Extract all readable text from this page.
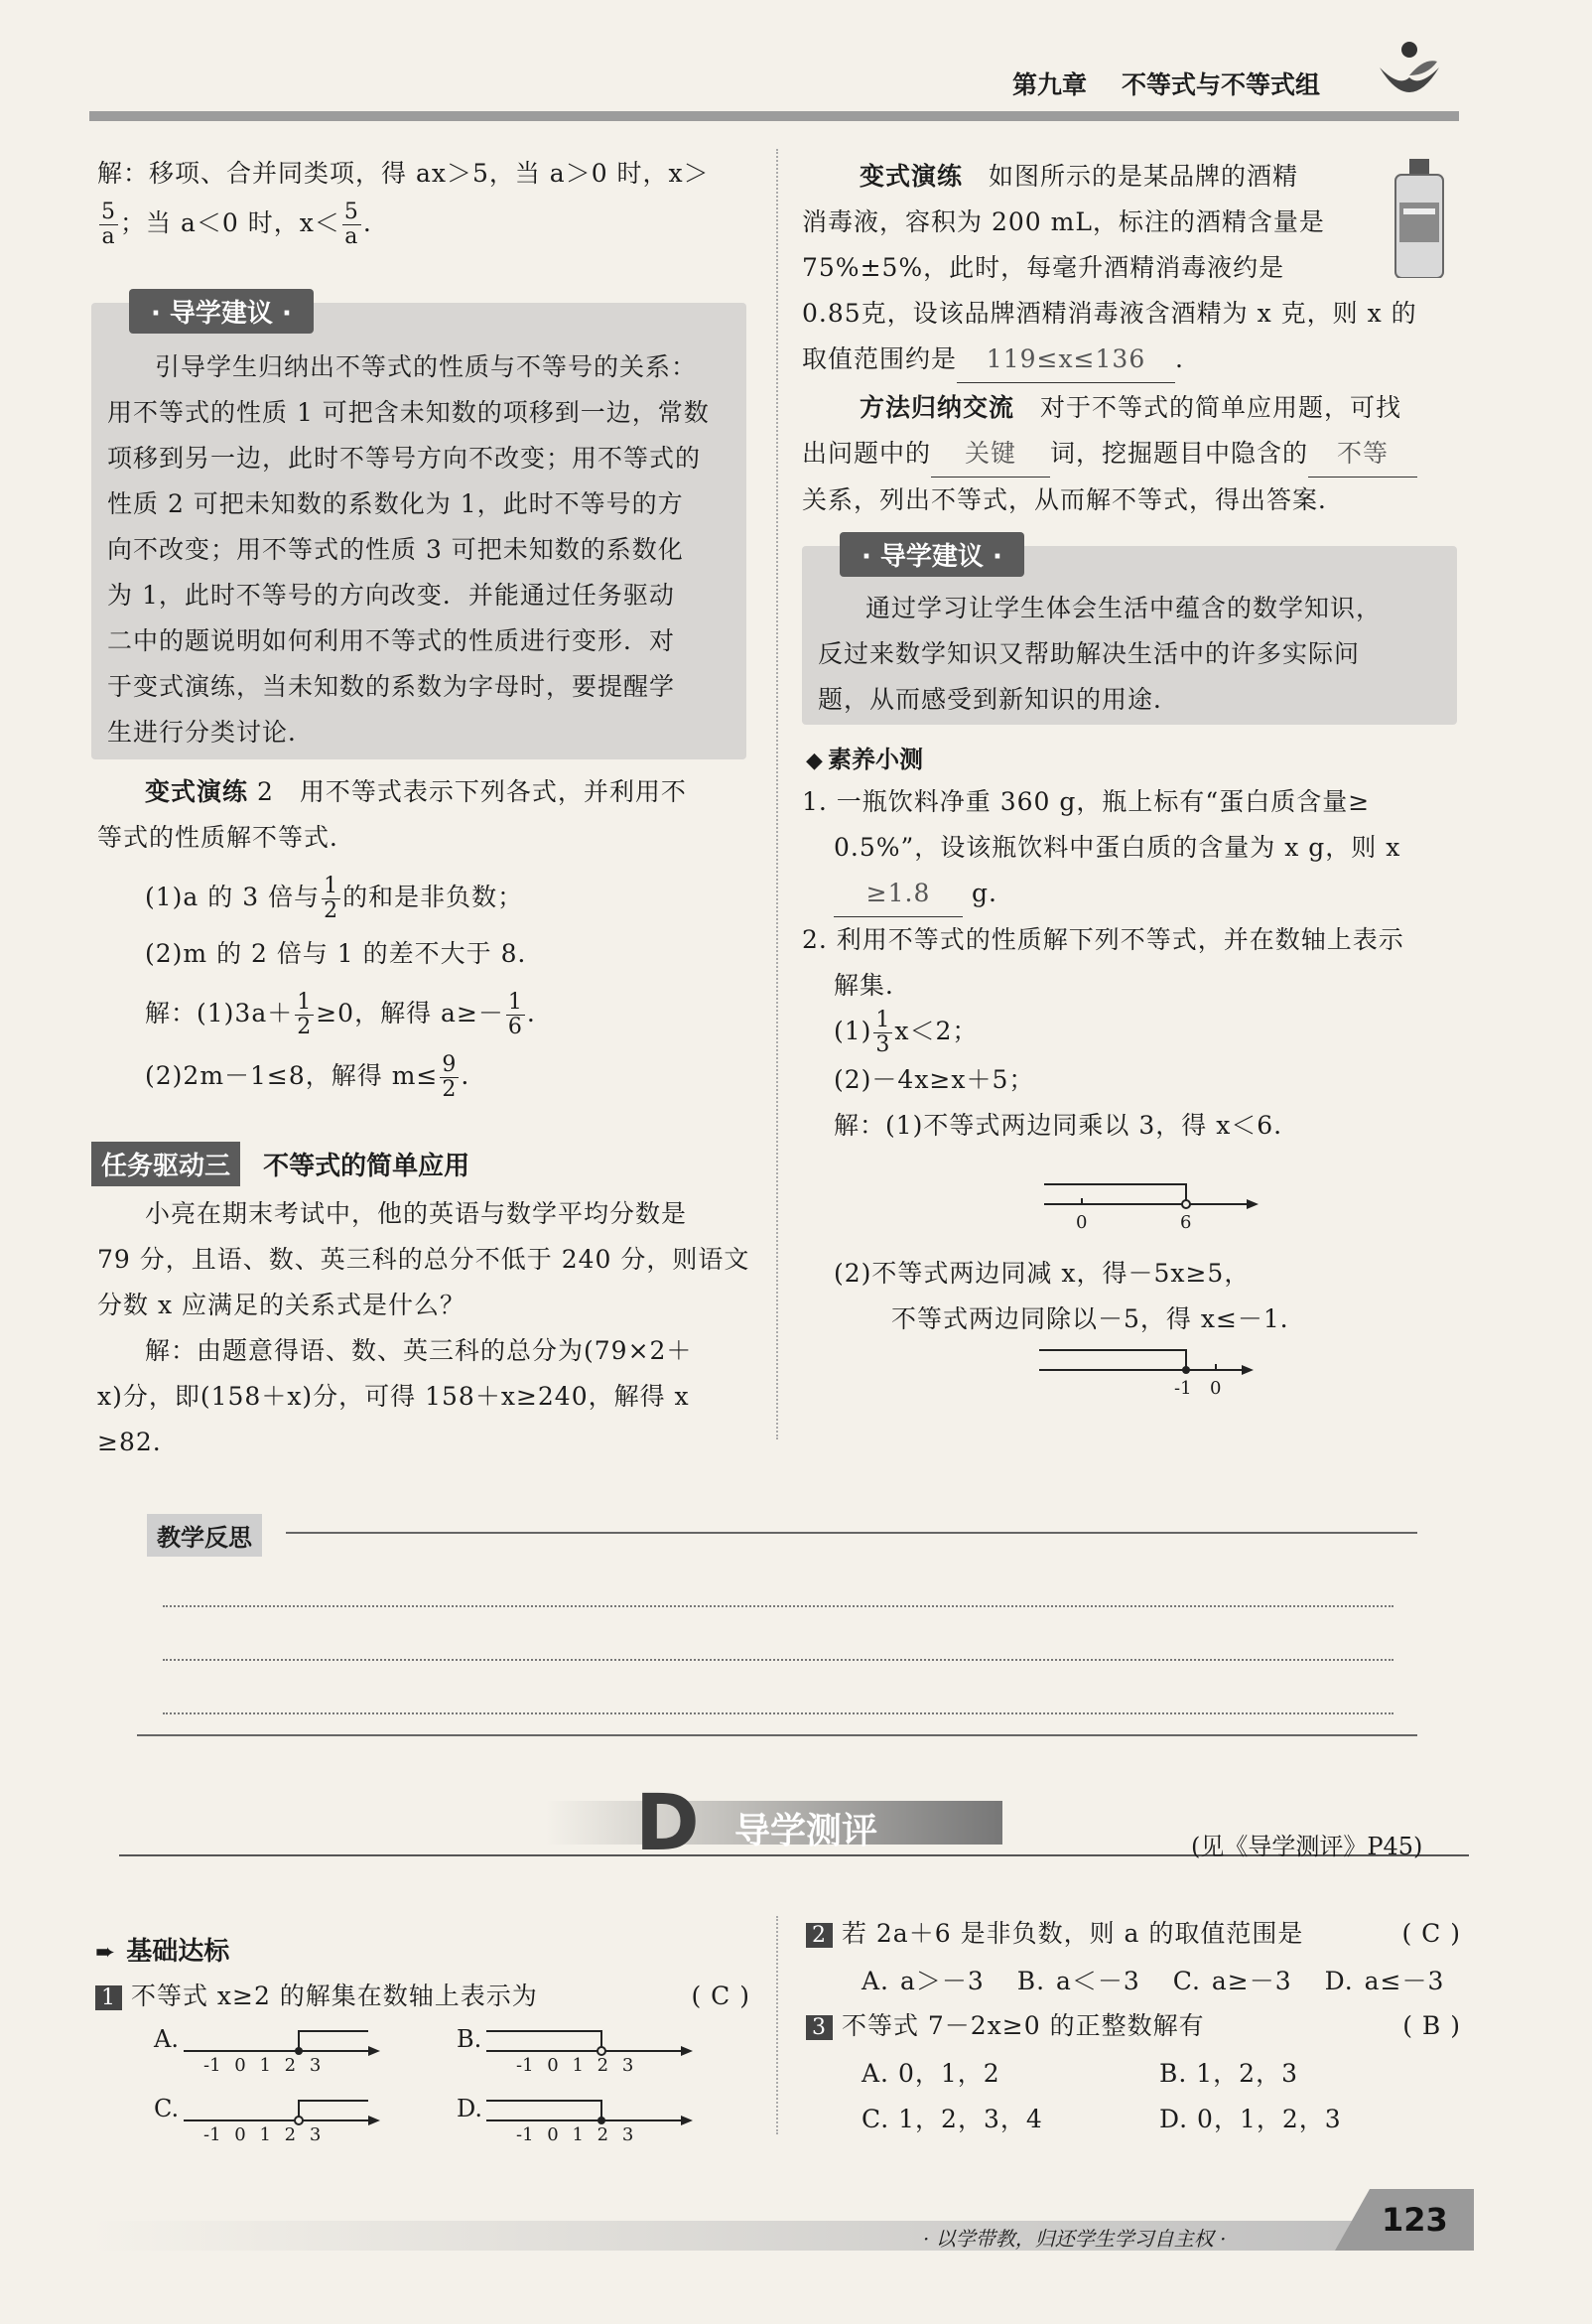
第九章 不等式与不等式组
解：移项、合并同类项，得 ax＞5，当 a＞0 时，x＞
$\frac{5}{a}$ ；当 a＜0 时，$x< \frac{5}{a}$ .
· 导学建议 ·
引导学生归纳出不等式的性质与不等号的关系：
用不等式的性质 1 可把含未知数的项移到一边，常数
项移到另一边，此时不等号方向不改变；用不等式的
性质 2 可把未知数的系数化为 1，此时不等号的方
向不改变；用不等式的性质 3 可把未知数的系数化
为 1，此时不等号的方向改变．并能通过任务驱动
二中的题说明如何利用不等式的性质进行变形．对
于变式演练，当未知数的系数为字母时，要提醒学
生进行分类讨论．
变式演练 2　 用不等式表示下列各式，并利用不
等式的性质解不等式．
(1)a 的 3 倍与 $\frac{1}{2}$ 的和是非负数；
(2)m 的 2 倍与 1 的差不大于 8．
解：$(1)3a+ \frac{1}{2} \ge 0$，解得 $a\ge- \frac{1}{6}$ .
(2)2m－1≤8，解得 $m\le \frac{9}{2}$ .
任务驱动三 不等式的简单应用
小亮在期末考试中，他的英语与数学平均分数是
79 分，且语、数、英三科的总分不低于 240 分，则语文
分数 x 应满足的关系式是什么？
解：由题意得语、数、英三科的总分为(79×2＋
x)分，即(158＋x)分，可得 158＋x≥240，解得 x
≥82.
变式演练　 如图所示的是某品牌的酒精
消毒液，容积为 200 mL，标注的酒精含量是
75%±5%，此时，每毫升酒精消毒液约是
0.85克，设该品牌酒精消毒液含酒精为 x 克，则 x 的
取值范围约是 119≤x≤136 .
方法归纳交流　 对于不等式的简单应用题，可找
出问题中的 关键 词，挖掘题目中隐含的 不等
关系，列出不等式，从而解不等式，得出答案．
· 导学建议 ·
通过学习让学生体会生活中蕴含的数学知识，
反过来数学知识又帮助解决生活中的许多实际问
题，从而感受到新知识的用途．
◆ 素养小测
1. 一瓶饮料净重 360 g，瓶上标有“蛋白质含量≥
0.5%”，设该瓶饮料中蛋白质的含量为 x g，则 x
≥1.8 g.
2. 利用不等式的性质解下列不等式，并在数轴上表示
解集．
$(1) \frac{1}{3} x<2$；
(2)－4x≥x＋5；
解：(1)不等式两边同乘以 3，得 x＜6．
0	6
(2)不等式两边同减 x，得－5x≥5，
不等式两边同除以－5，得 x≤－1．
-1 0
教学反思
D 导学测评	(见《导学测评》P45)
➨ 基础达标
1 不等式 x≥2 的解集在数轴上表示为	( C )
A.
-1 0 1 2 3
B.
-1 0 1 2 3
C.
-1 0 1 2 3
D.
-1 0 1 2 3
2 若 2a＋6 是非负数，则 a 的取值范围是	( C )
A. a＞－3 B. a＜－3 C. a≥－3 D. a≤－3
3 不等式 7－2x≥0 的正整数解有	( B )
A. 0，1，2	B. 1，2，3
C. 1，2，3，4	D. 0，1，2，3
· 以学带教，归还学生学习自主权 ·	123
